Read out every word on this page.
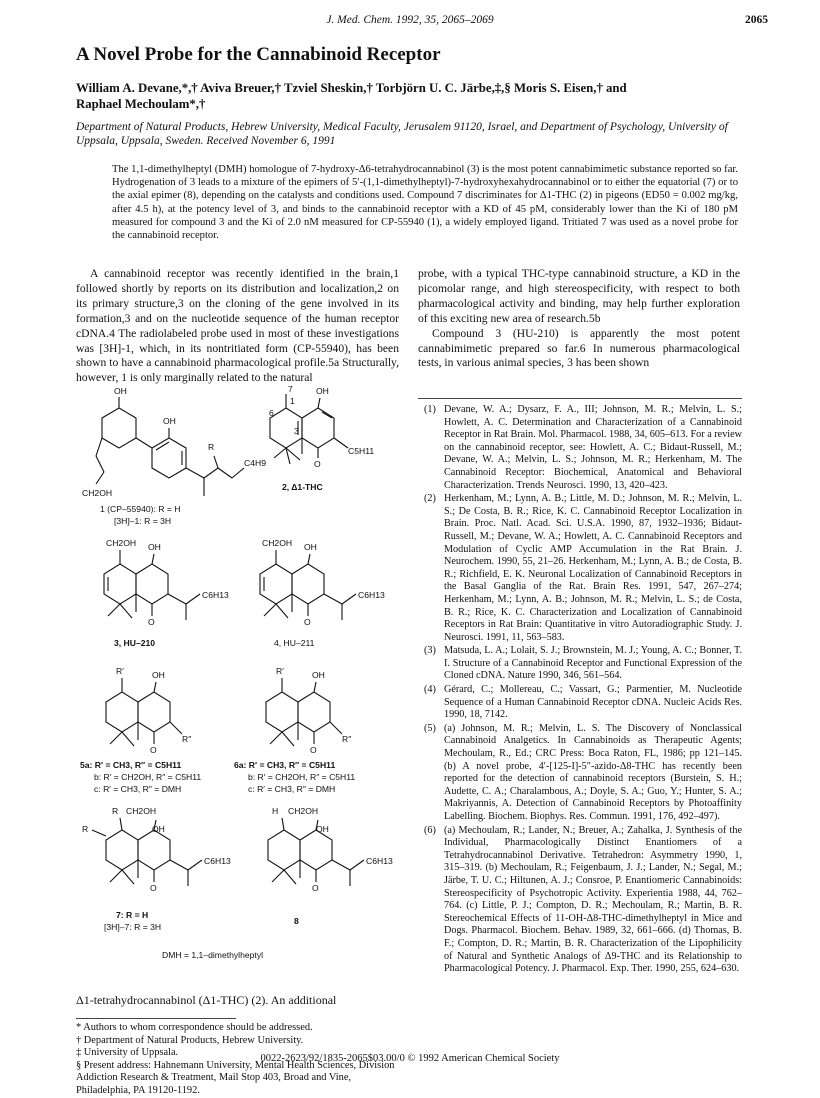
J. Med. Chem. 1992, 35, 2065–2069	2065
A Novel Probe for the Cannabinoid Receptor
William A. Devane,*,† Aviva Breuer,† Tzviel Sheskin,† Torbjörn U. C. Järbe,‡,§ Moris S. Eisen,† and
Raphael Mechoulam*,†
Department of Natural Products, Hebrew University, Medical Faculty, Jerusalem 91120, Israel, and Department of Psychology, University of Uppsala, Uppsala, Sweden. Received November 6, 1991
The 1,1-dimethylheptyl (DMH) homologue of 7-hydroxy-Δ6-tetrahydrocannabinol (3) is the most potent cannabimimetic substance reported so far. Hydrogenation of 3 leads to a mixture of the epimers of 5′-(1,1-dimethylheptyl)-7-hydroxyhexahydrocannabinol or to either the equatorial (7) or to the axial epimer (8), depending on the catalysts and conditions used. Compound 7 discriminates for Δ1-THC (2) in pigeons (ED50 = 0.002 mg/kg, after 4.5 h), at the potency level of 3, and binds to the cannabinoid receptor with a KD of 45 pM, considerably lower than the Ki of 180 pM measured for compound 3 and the Ki of 2.0 nM measured for CP-55940 (1), a widely employed ligand. Tritiated 7 was used as a novel probe for the cannabinoid receptor.
A cannabinoid receptor was recently identified in the brain,1 followed shortly by reports on its distribution and localization,2 on its primary structure,3 on the cloning of the gene involved in its formation,3 and on the nucleotide sequence of the human receptor cDNA.4 The radiolabeled probe used in most of these investigations was [3H]-1, which, in its nontritiated form (CP-55940), has been shown to have a cannabinoid pharmacological profile.5a Structurally, however, 1 is only marginally related to the natural

probe, with a typical THC-type cannabinoid structure, a KD in the picomolar range, and high stereospecificity, with respect to both pharmacological activity and binding, may help further exploration of this exciting new area of research.5b

Compound 3 (HU-210) is apparently the most potent cannabimimetic prepared so far.6 In numerous pharmacological tests, in various animal species, 3 has been shown

(1) Devane, W. A.; Dysarz, F. A., III; Johnson, M. R.; Melvin, L. S.; Howlett, A. C. Determination and Characterization of a Cannabinoid Receptor in Rat Brain. Mol. Pharmacol. 1988, 34, 605–613. For a review on the cannabinoid receptor, see: Howlett, A. C.; Bidaut-Russell, M.; Devane, W. A.; Melvin, L. S.; Johnson, M. R.; Herkenham, M. The Cannabinoid Receptor: Biochemical, Anatomical and Behavioral Characterization. Trends Neurosci. 1990, 13, 420–423.
(2) Herkenham, M.; Lynn, A. B.; Little, M. D.; Johnson, M. R.; Melvin, L. S.; De Costa, B. R.; Rice, K. C. Cannabinoid Receptor Localization in Brain. Proc. Natl. Acad. Sci. U.S.A. 1990, 87, 1932–1936; Bidaut-Russell, M.; Devane, W. A.; Howlett, A. C. Cannabinoid Receptors and Modulation of Cyclic AMP Accumulation in the Rat Brain. J. Neurochem. 1990, 55, 21–26. Herkenham, M.; Lynn, A. B.; de Costa, B. R.; Richfield, E. K. Neuronal Localization of Cannabinoid Receptors in the Basal Ganglia of the Rat. Brain Res. 1991, 547, 267–274; Herkenham, M.; Lynn, A. B.; Johnson, M. R.; Melvin, L. S.; de Costa, B. R.; Rice, K. C. Characterization and Localization of Cannabinoid Receptors in Rat Brain: Quantitative in vitro Autoradiographic Study. J. Neurosci. 1991, 11, 563–583.
(3) Matsuda, L. A.; Lolait, S. J.; Brownstein, M. J.; Young, A. C.; Bonner, T. I. Structure of a Cannabinoid Receptor and Functional Expression of the Cloned cDNA. Nature 1990, 346, 561–564.
(4) Gérard, C.; Mollereau, C.; Vassart, G.; Parmentier, M. Nucleotide Sequence of a Human Cannabinoid Receptor cDNA. Nucleic Acids Res. 1990, 18, 7142.
(5) (a) Johnson, M. R.; Melvin, L. S. The Discovery of Nonclassical Cannabinoid Analgetics. In Cannabinoids as Therapeutic Agents; Mechoulam, R., Ed.; CRC Press: Boca Raton, FL, 1986; pp 121–145. (b) A novel probe, 4′-[125-I]-5″-azido-Δ8-THC has recently been reported for the detection of cannabinoid receptors (Burstein, S. H.; Audette, C. A.; Charalambous, A.; Doyle, S. A.; Guo, Y.; Hunter, S. A.; Makriyannis, A. Detection of Cannabinoid Receptors by Photoaffinity Labelling. Biochem. Biophys. Res. Commun. 1991, 176, 492–497).
(6) (a) Mechoulam, R.; Lander, N.; Breuer, A.; Zahalka, J. Synthesis of the Individual, Pharmacologically Distinct Enantiomers of a Tetrahydrocannabinol Derivative. Tetrahedron: Asymmetry 1990, 1, 315–319. (b) Mechoulam, R.; Feigenbaum, J. J.; Lander, N.; Segal, M.; Järbe, T. U. C.; Hiltunen, A. J.; Consroe, P. Enantiomeric Cannabinoids: Stereospecificity of Psychotropic Activity. Experientia 1988, 44, 762–764. (c) Little, P. J.; Compton, D. R.; Mechoulam, R.; Martin, B. R. Stereochemical Effects of 11-OH-Δ8-THC-dimethylheptyl in Mice and Dogs. Pharmacol. Biochem. Behav. 1989, 32, 661–666. (d) Thomas, B. F.; Compton, D. R.; Martin, B. R. Characterization of the Lipophilicity of Natural and Synthetic Analogs of Δ9-THC and its Relationship to Pharmacological Potency. J. Pharmacol. Exp. Ther. 1990, 255, 624–630.
OH
OH
R
C4H9
CH2OH
1 (CP–55940): R = H
[3H]–1: R = 3H
7
1
6
3
OH
O
C5H11
2, Δ1-THC
CH2OH OH
O
C6H13
3, HU–210
CH2OH OH
O
C6H13
4, HU–211
R′	OH
O
R″
5a: R′ = CH3, R″ = C5H11
b: R′ = CH2OH, R″ = C5H11
c: R′ = CH3, R″ = DMH
R′	OH
O
R″
6a: R′ = CH3, R″ = C5H11
b: R′ = CH2OH, R″ = C5H11
c: R′ = CH3, R″ = DMH
R
R
CH2OH
OH
O
C6H13
7: R = H
[3H]–7: R = 3H
H CH2OH
OH
O
C6H13
8
DMH = 1,1–dimethylheptyl
Δ1-tetrahydrocannabinol (Δ1-THC) (2). An additional
* Authors to whom correspondence should be addressed.
† Department of Natural Products, Hebrew University.
‡ University of Uppsala.
§ Present address: Hahnemann University, Mental Health Sciences, Division Addiction Research & Treatment, Mail Stop 403, Broad and Vine, Philadelphia, PA 19120-1192.
0022-2623/92/1835-2065$03.00/0 © 1992 American Chemical Society
